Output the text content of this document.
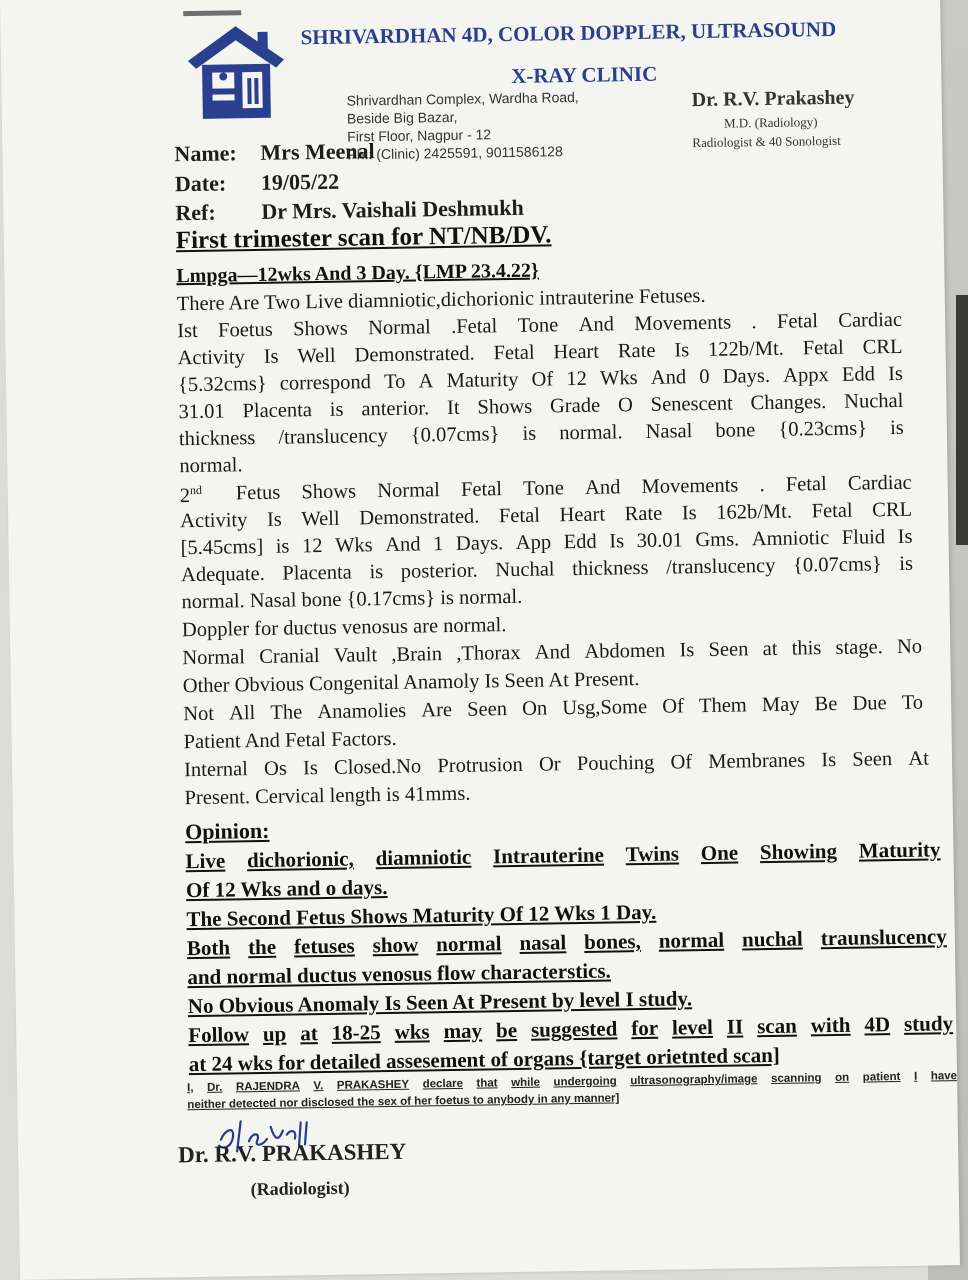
SHRIVARDHAN 4D, COLOR DOPPLER, ULTRASOUND
X-RAY CLINIC
Shrivardhan Complex, Wardha Road,
Beside Big Bazar,
First Floor, Nagpur - 12
Ph.: (Clinic) 2425591, 9011586128
Dr. R.V. Prakashey
M.D. (Radiology)
Radiologist & 40 Sonologist
Name: Mrs Meenal
Date: 19/05/22
Ref: Dr Mrs. Vaishali Deshmukh
First trimester scan for NT/NB/DV.
Lmpga—12wks And 3 Day. {LMP 23.4.22}
There Are Two Live diamniotic,dichorionic intrauterine Fetuses.
Ist Foetus Shows Normal .Fetal Tone And Movements . Fetal Cardiac
Activity Is Well Demonstrated. Fetal Heart Rate Is 122b/Mt. Fetal CRL
{5.32cms} correspond To A Maturity Of 12 Wks And 0 Days. Appx Edd Is
31.01 Placenta is anterior. It Shows Grade O Senescent Changes. Nuchal
thickness /translucency {0.07cms} is normal. Nasal bone {0.23cms} is
normal.
2nd Fetus Shows Normal Fetal Tone And Movements . Fetal Cardiac
Activity Is Well Demonstrated. Fetal Heart Rate Is 162b/Mt. Fetal CRL
[5.45cms] is 12 Wks And 1 Days. App Edd Is 30.01 Gms. Amniotic Fluid Is
Adequate. Placenta is posterior. Nuchal thickness /translucency {0.07cms} is
normal. Nasal bone {0.17cms} is normal.
Doppler for ductus venosus are normal.
Normal Cranial Vault ,Brain ,Thorax And Abdomen Is Seen at this stage. No
Other Obvious Congenital Anamoly Is Seen At Present.
Not All The Anamolies Are Seen On Usg,Some Of Them May Be Due To
Patient And Fetal Factors.
Internal Os Is Closed.No Protrusion Or Pouching Of Membranes Is Seen At
Present. Cervical length is 41mms.
Opinion:
Live dichorionic, diamniotic Intrauterine Twins One Showing Maturity
Of 12 Wks and o days.
The Second Fetus Shows Maturity Of 12 Wks 1 Day.
Both the fetuses show normal nasal bones, normal nuchal traunslucency
and normal ductus venosus flow characterstics.
No Obvious Anomaly Is Seen At Present by level I study.
Follow up at 18-25 wks may be suggested for level II scan with 4D study
at 24 wks for detailed assesement of organs {target orietnted scan]
I, Dr. RAJENDRA V. PRAKASHEY declare that while undergoing ultrasonography/image scanning on patient I have
neither detected nor disclosed the sex of her foetus to anybody in any manner]
Dr. R.V. PRAKASHEY
(Radiologist)
